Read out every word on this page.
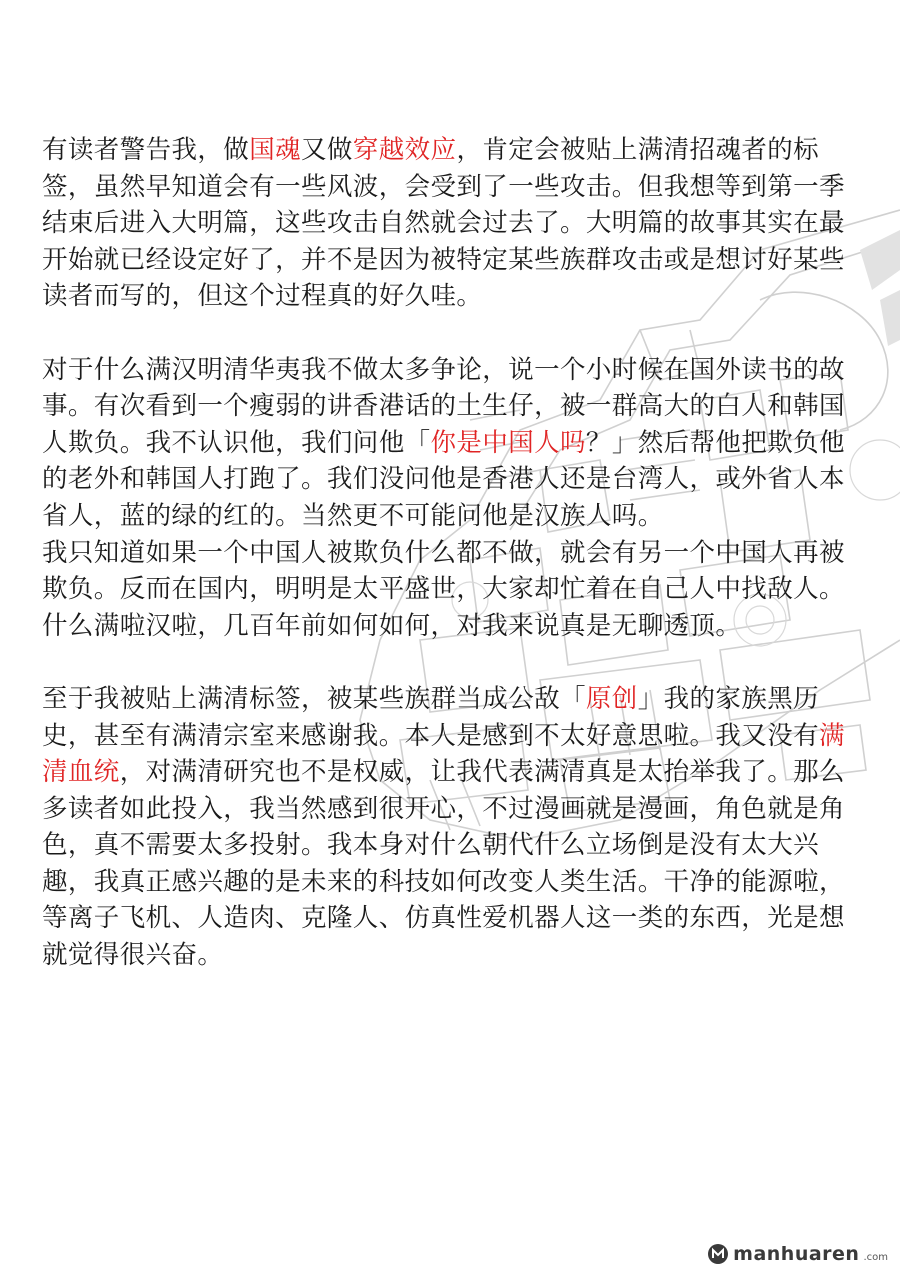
有读者警告我，做国魂又做穿越效应，肯定会被贴上满清招魂者的标签，虽然早知道会有一些风波，会受到了一些攻击。但我想等到第一季结束后进入大明篇，这些攻击自然就会过去了。大明篇的故事其实在最开始就已经设定好了，并不是因为被特定某些族群攻击或是想讨好某些读者而写的，但这个过程真的好久哇。

对于什么满汉明清华夷我不做太多争论，说一个小时候在国外读书的故事。有次看到一个瘦弱的讲香港话的土生仔，被一群高大的白人和韩国人欺负。我不认识他，我们问他「你是中国人吗？」然后帮他把欺负他的老外和韩国人打跑了。我们没问他是香港人还是台湾人，或外省人本省人，蓝的绿的红的。当然更不可能问他是汉族人吗。

我只知道如果一个中国人被欺负什么都不做，就会有另一个中国人再被欺负。反而在国内，明明是太平盛世，大家却忙着在自己人中找敌人。什么满啦汉啦，几百年前如何如何，对我来说真是无聊透顶。

至于我被贴上满清标签，被某些族群当成公敌「原创」我的家族黑历史，甚至有满清宗室来感谢我。本人是感到不太好意思啦。我又没有满清血统，对满清研究也不是权威，让我代表满清真是太抬举我了。那么多读者如此投入，我当然感到很开心，不过漫画就是漫画，角色就是角色，真不需要太多投射。我本身对什么朝代什么立场倒是没有太大兴趣，我真正感兴趣的是未来的科技如何改变人类生活。干净的能源啦，等离子飞机、人造肉、克隆人、仿真性爱机器人这一类的东西，光是想就觉得很兴奋。

manhuaren .com
